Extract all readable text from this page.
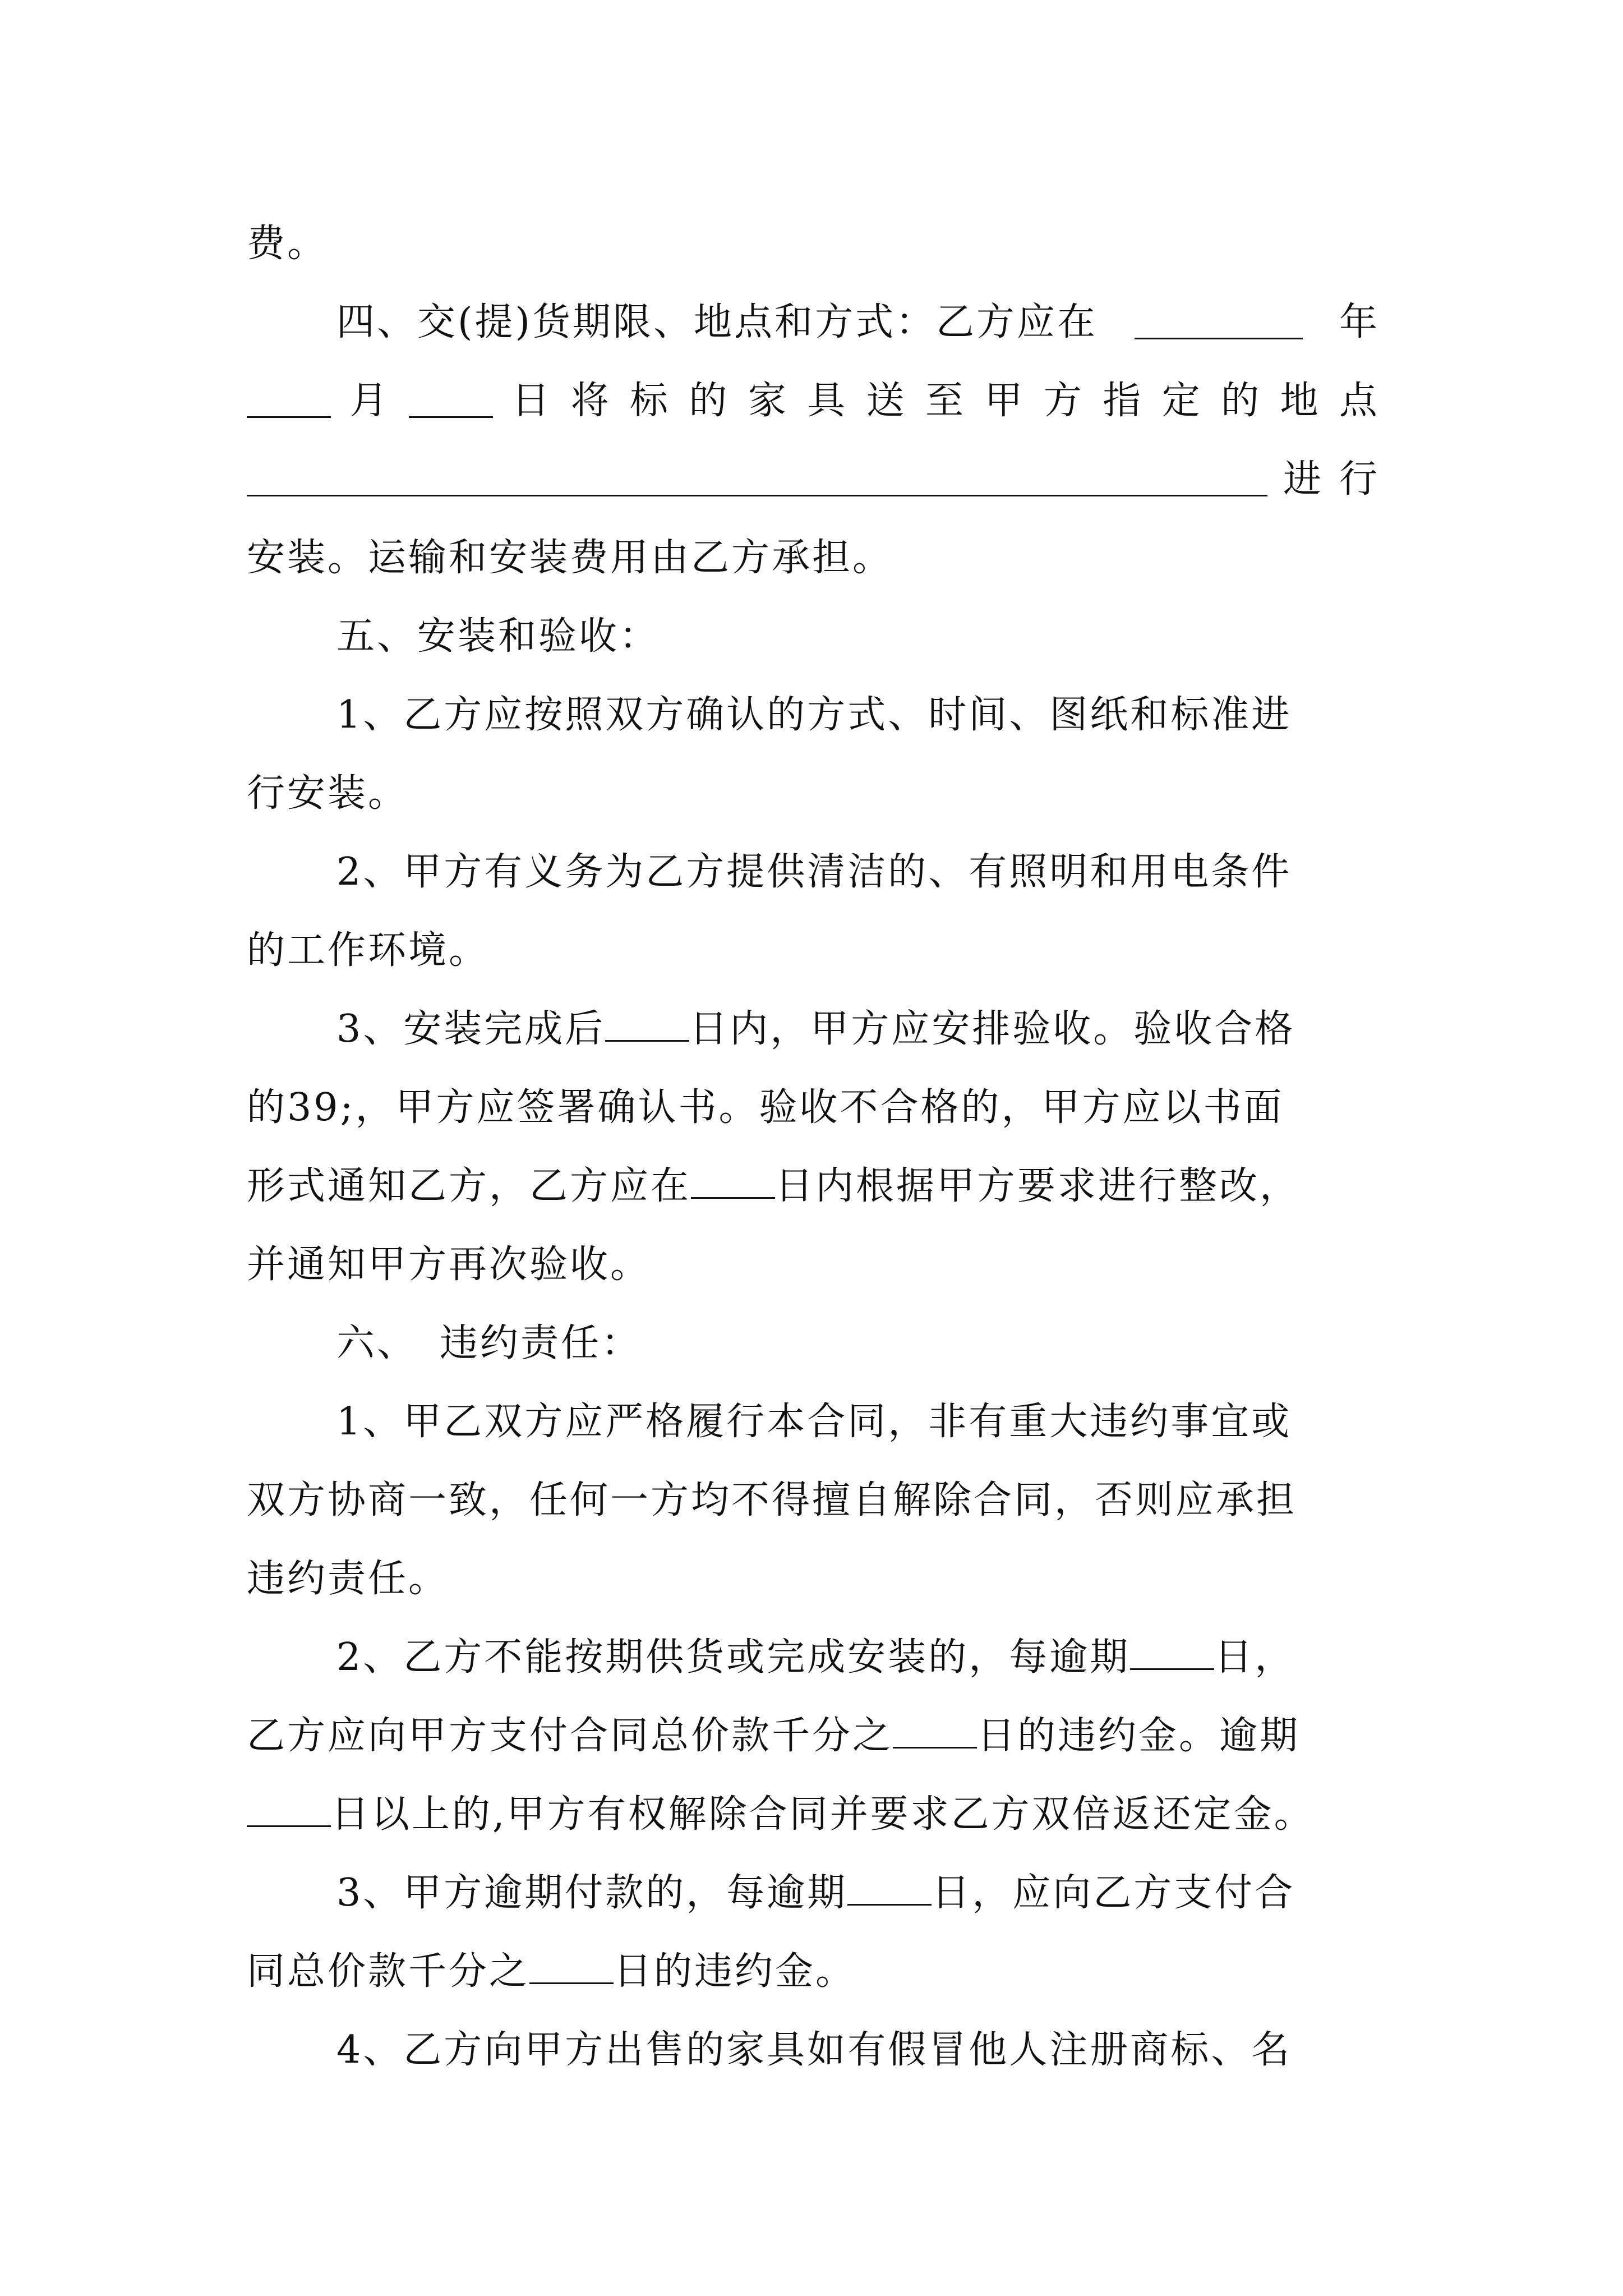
费。
四、交(提)货期限、地点和方式：乙方应在	年
月	日 将 标 的 家 具 送 至 甲 方 指 定 的 地 点
进 行
安装。运输和安装费用由乙方承担。
五、安装和验收：
1、乙方应按照双方确认的方式、时间、图纸和标准进
行安装。
2、甲方有义务为乙方提供清洁的、有照明和用电条件
的工作环境。
3、安装完成后 日内，甲方应安排验收。验收合格
的39;，甲方应签署确认书。验收不合格的，甲方应以书面
形式通知乙方，乙方应在 日内根据甲方要求进行整改，
并通知甲方再次验收。
六、 违约责任：
1、甲乙双方应严格履行本合同，非有重大违约事宜或
双方协商一致，任何一方均不得擅自解除合同，否则应承担
违约责任。
2、乙方不能按期供货或完成安装的，每逾期 日，
乙方应向甲方支付合同总价款千分之 日的违约金。逾期
日以上的,甲方有权解除合同并要求乙方双倍返还定金。
3、甲方逾期付款的，每逾期 日，应向乙方支付合
同总价款千分之 日的违约金。
4、乙方向甲方出售的家具如有假冒他人注册商标、名
